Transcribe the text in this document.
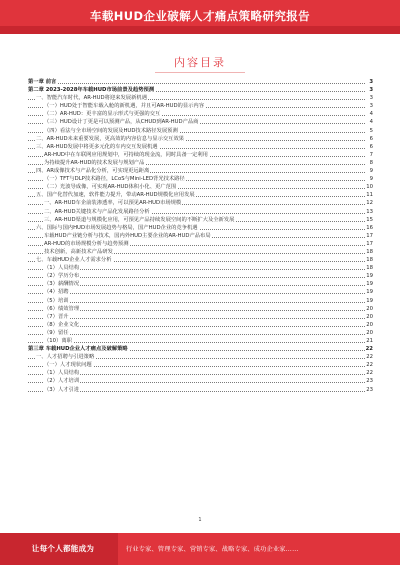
车载HUD企业破解人才痛点策略研究报告
内容目录
第一章 前言	3
第二章 2023-2028年车载HUD市场前景及趋势预测	3
一、智能汽车时代，AR-HUD将迎来发展新机遇	3
（一）HUD处于智能车载入舱的新机遇，并且可AR-HUD的显示内容	3
（二）AR-HUD：更丰富的显示形式与更强的交互	4
（三）HUD设计丁更是可以预测产品，从CHUD到AR-HUD产品商	4
（四）看法与全市场空间的发展及HUD技术路径发展预测	5
二、AR-HUD未来重要发展，更高效的内容信息与显示交互效果	6
三、AR-HUD发展中将更多元化的车内交互发展机遇	6
AR-HUD中在车联网应用规划中，可持续的现金流，同时具备一定利用	7
为持续提升AR-HUD的技术发展与规划产品	8
四、AR成像技术与产品化分析，可实现更远距离	9
（一）TFT与DLP技术路径，LCoS与Mini-LED背光技术路径	9
（二）光波导成像，可实现AR-HUD体积小化、更广范围	10
五、国产化替代加速，软件能力提升，带动AR-HUD规模化应用发展	11
一、AR-HUD车企前装渗透率，可以预见AR-HUD市场规模	12
二、AR-HUD关键技术与产品化发展路径分析	13
三、AR-HUD渠道与规模化应用，可预见产品持续发展空间的不断扩大及全新发展	15
六、国际与国内HUD市场发展趋势与格局，国产HUD企业的竞争机遇	16
车载HUD产业链分析与技术，国内外HUD主要企业的AR-HUD产品布局	17
AR-HUD的市场规模分析与趋势预测	17
技术创新，高新技术产品研发	18
七、车载HUD企业人才需求分析	18
（1）人员结构	18
（2）学历分布	19
（3）薪酬情况	19
（4）招聘	19
（5）培训	19
（6）绩效管理	20
（7）晋升	20
（8）企业文化	20
（9）留任	20
（10）离职	21
第三章 车载HUD企业人才痛点及破解策略	22
一、人才招聘与引进策略	22
（一）人才现状问题	22
（1）人员结构	22
（2）人才培训	23
（3）人才引进	23
1
让每个人都能成为	行业专家、管理专家、营销专家、战略专家、成功企业家……
